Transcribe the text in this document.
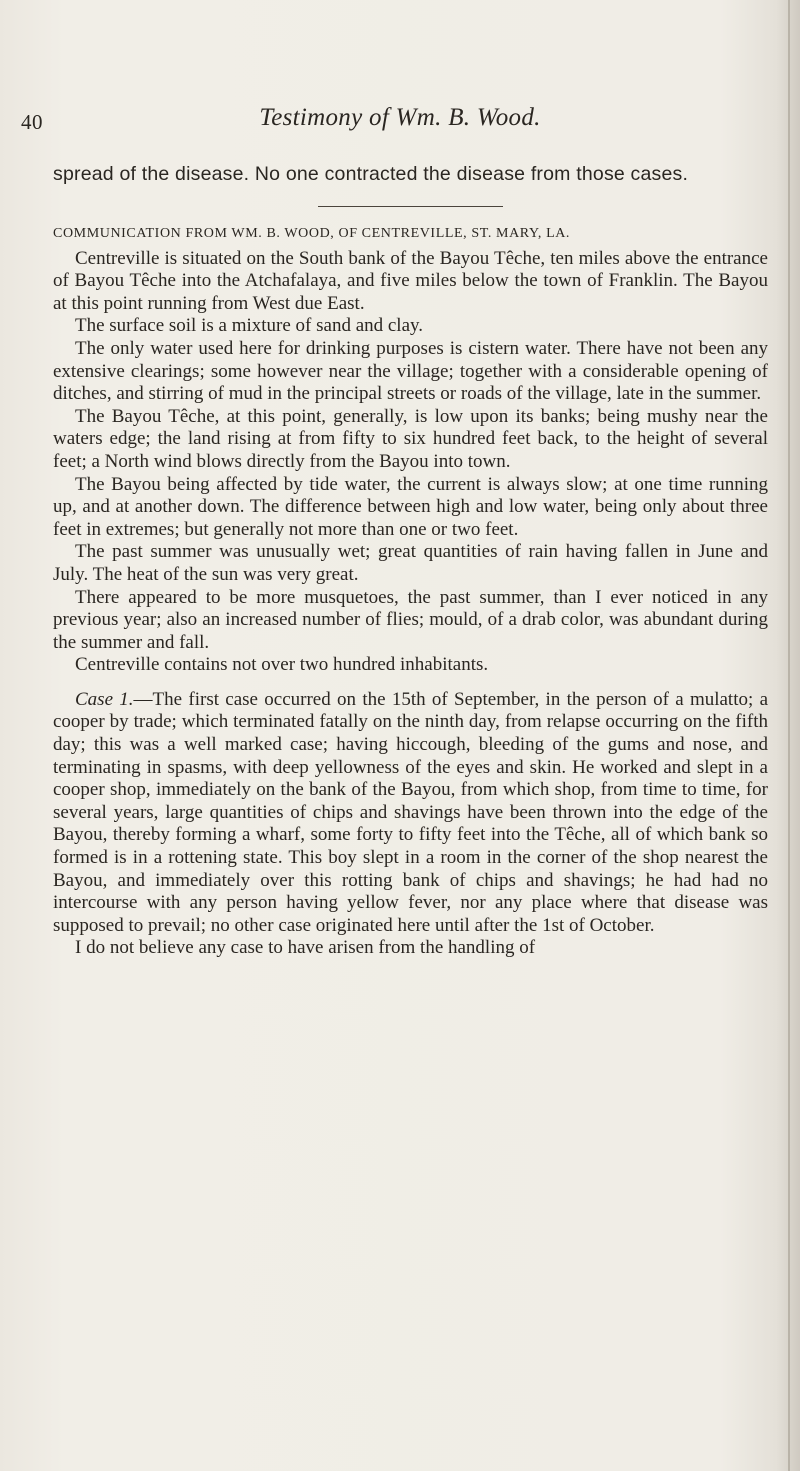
40	Testimony of Wm. B. Wood.

spread of the disease. No one contracted the disease from those cases.

COMMUNICATION FROM WM. B. WOOD, OF CENTREVILLE, ST. MARY, LA.

Centreville is situated on the South bank of the Bayou Têche, ten miles above the entrance of Bayou Têche into the Atchafalaya, and five miles below the town of Franklin. The Bayou at this point running from West due East.

The surface soil is a mixture of sand and clay.

The only water used here for drinking purposes is cistern water. There have not been any extensive clearings; some however near the village; together with a considerable opening of ditches, and stirring of mud in the principal streets or roads of the village, late in the summer.

The Bayou Têche, at this point, generally, is low upon its banks; being mushy near the waters edge; the land rising at from fifty to six hundred feet back, to the height of several feet; a North wind blows directly from the Bayou into town.

The Bayou being affected by tide water, the current is always slow; at one time running up, and at another down. The difference between high and low water, being only about three feet in extremes; but generally not more than one or two feet.

The past summer was unusually wet; great quantities of rain having fallen in June and July. The heat of the sun was very great.

There appeared to be more musquetoes, the past summer, than I ever noticed in any previous year; also an increased number of flies; mould, of a drab color, was abundant during the summer and fall.

Centreville contains not over two hundred inhabitants.

Case 1.—The first case occurred on the 15th of September, in the person of a mulatto; a cooper by trade; which terminated fatally on the ninth day, from relapse occurring on the fifth day; this was a well marked case; having hiccough, bleeding of the gums and nose, and terminating in spasms, with deep yellowness of the eyes and skin. He worked and slept in a cooper shop, immediately on the bank of the Bayou, from which shop, from time to time, for several years, large quantities of chips and shavings have been thrown into the edge of the Bayou, thereby forming a wharf, some forty to fifty feet into the Têche, all of which bank so formed is in a rottening state. This boy slept in a room in the corner of the shop nearest the Bayou, and immediately over this rotting bank of chips and shavings; he had had no intercourse with any person having yellow fever, nor any place where that disease was supposed to prevail; no other case originated here until after the 1st of October.

I do not believe any case to have arisen from the handling of
